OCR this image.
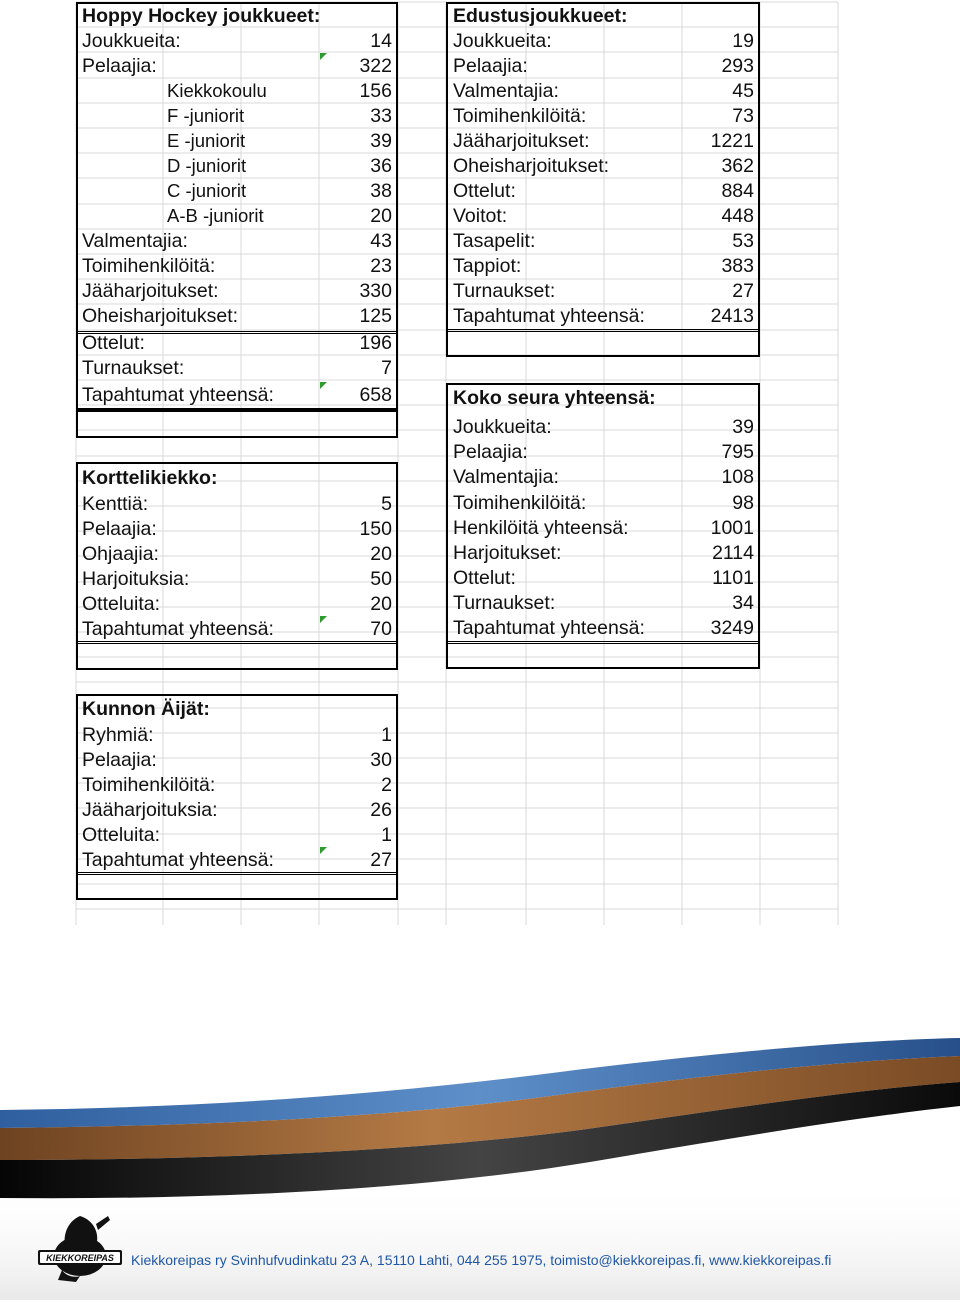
Hoppy Hockey joukkueet:
Joukkueita:	14
Pelaajia:	322
Kiekkokoulu	156
F -juniorit	33
E -juniorit	39
D -juniorit	36
C -juniorit	38
A-B -juniorit	20
Valmentajia:	43
Toimihenkilöitä:	23
Jääharjoitukset:	330
Oheisharjoitukset:	125
Ottelut:	196
Turnaukset:	7
Tapahtumat yhteensä:	658
Korttelikiekko:
Kenttiä:	5
Pelaajia:	150
Ohjaajia:	20
Harjoituksia:	50
Otteluita:	20
Tapahtumat yhteensä:	70
Kunnon Äijät:
Ryhmiä:	1
Pelaajia:	30
Toimihenkilöitä:	2
Jääharjoituksia:	26
Otteluita:	1
Tapahtumat yhteensä:	27
Edustusjoukkueet:
Joukkueita:	19
Pelaajia:	293
Valmentajia:	45
Toimihenkilöitä:	73
Jääharjoitukset:	1221
Oheisharjoitukset:	362
Ottelut:	884
Voitot:	448
Tasapelit:	53
Tappiot:	383
Turnaukset:	27
Tapahtumat yhteensä:	2413
Koko seura yhteensä:
Joukkueita:	39
Pelaajia:	795
Valmentajia:	108
Toimihenkilöitä:	98
Henkilöitä yhteensä:	1001
Harjoitukset:	2114
Ottelut:	1101
Turnaukset:	34
Tapahtumat yhteensä:	3249
KIEKKOREIPAS Kiekkoreipas ry Svinhufvudinkatu 23 A, 15110 Lahti, 044 255 1975, toimisto@kiekkoreipas.fi, www.kiekkoreipas.fi
